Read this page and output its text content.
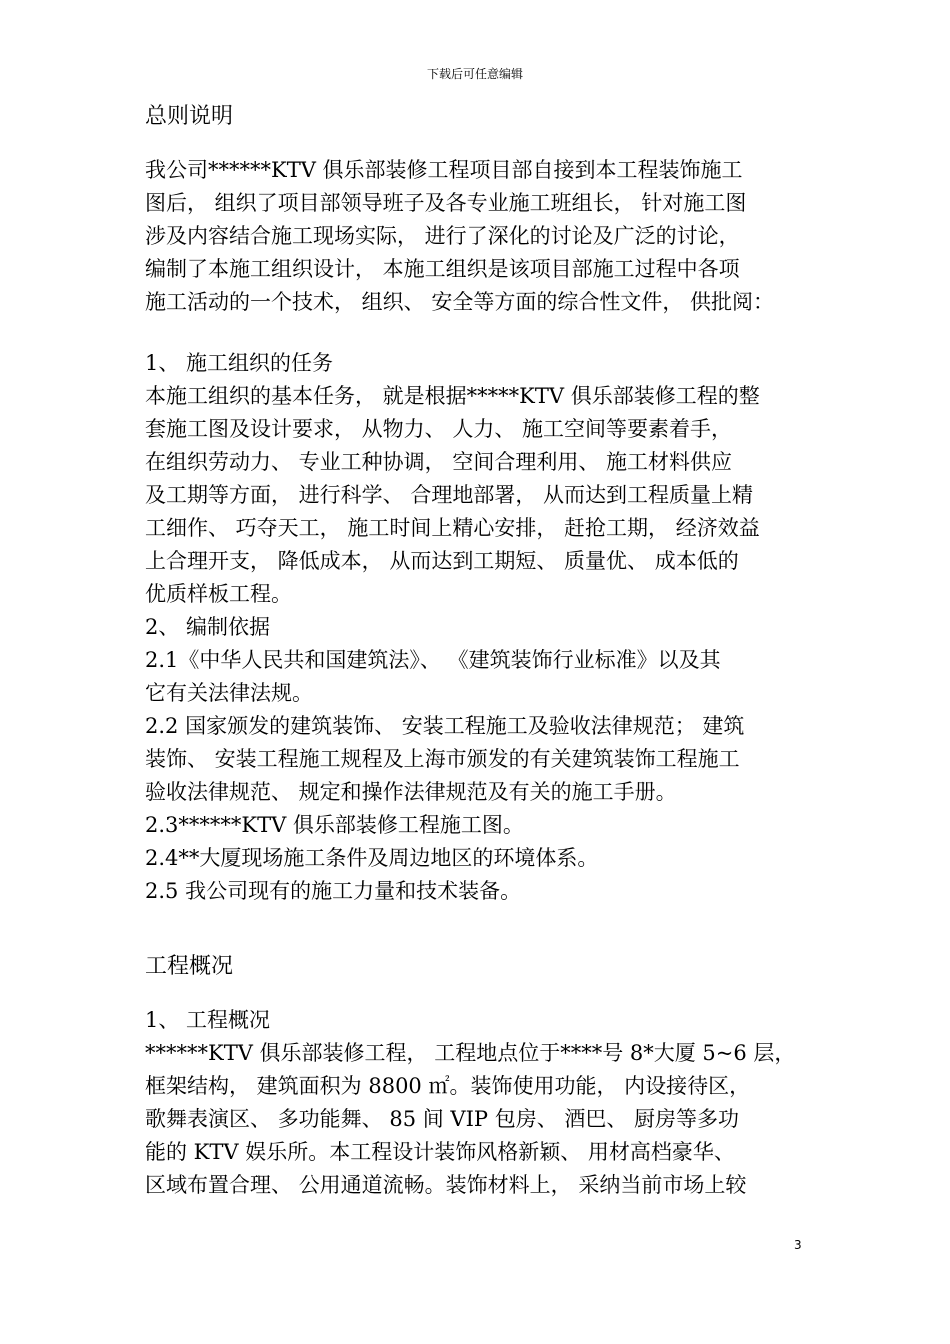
下载后可任意编辑
总则说明
我公司******KTV 俱乐部装修工程项目部自接到本工程装饰施工
图后， 组织了项目部领导班子及各专业施工班组长， 针对施工图
涉及内容结合施工现场实际， 进行了深化的讨论及广泛的讨论，
编制了本施工组织设计， 本施工组织是该项目部施工过程中各项
施工活动的一个技术， 组织、 安全等方面的综合性文件， 供批阅：
1、 施工组织的任务
本施工组织的基本任务， 就是根据*****KTV 俱乐部装修工程的整
套施工图及设计要求， 从物力、 人力、 施工空间等要素着手，
在组织劳动力、 专业工种协调， 空间合理利用、 施工材料供应
及工期等方面， 进行科学、 合理地部署， 从而达到工程质量上精
工细作、 巧夺天工， 施工时间上精心安排， 赶抢工期， 经济效益
上合理开支， 降低成本， 从而达到工期短、 质量优、 成本低的
优质样板工程。
2、 编制依据
2.1《中华人民共和国建筑法》、 《建筑装饰行业标准》以及其
它有关法律法规。
2.2 国家颁发的建筑装饰、 安装工程施工及验收法律规范； 建筑
装饰、 安装工程施工规程及上海市颁发的有关建筑装饰工程施工
验收法律规范、 规定和操作法律规范及有关的施工手册。
2.3******KTV 俱乐部装修工程施工图。
2.4**大厦现场施工条件及周边地区的环境体系。
2.5 我公司现有的施工力量和技术装备。
工程概况
1、 工程概况
******KTV 俱乐部装修工程， 工程地点位于****号 8*大厦 5~6 层，
框架结构， 建筑面积为 8800 ㎡。装饰使用功能， 内设接待区，
歌舞表演区、 多功能舞、 85 间 VIP 包房、 酒巴、 厨房等多功
能的 KTV 娱乐所。本工程设计装饰风格新颖、 用材高档豪华、
区域布置合理、 公用通道流畅。装饰材料上， 采纳当前市场上较
3
